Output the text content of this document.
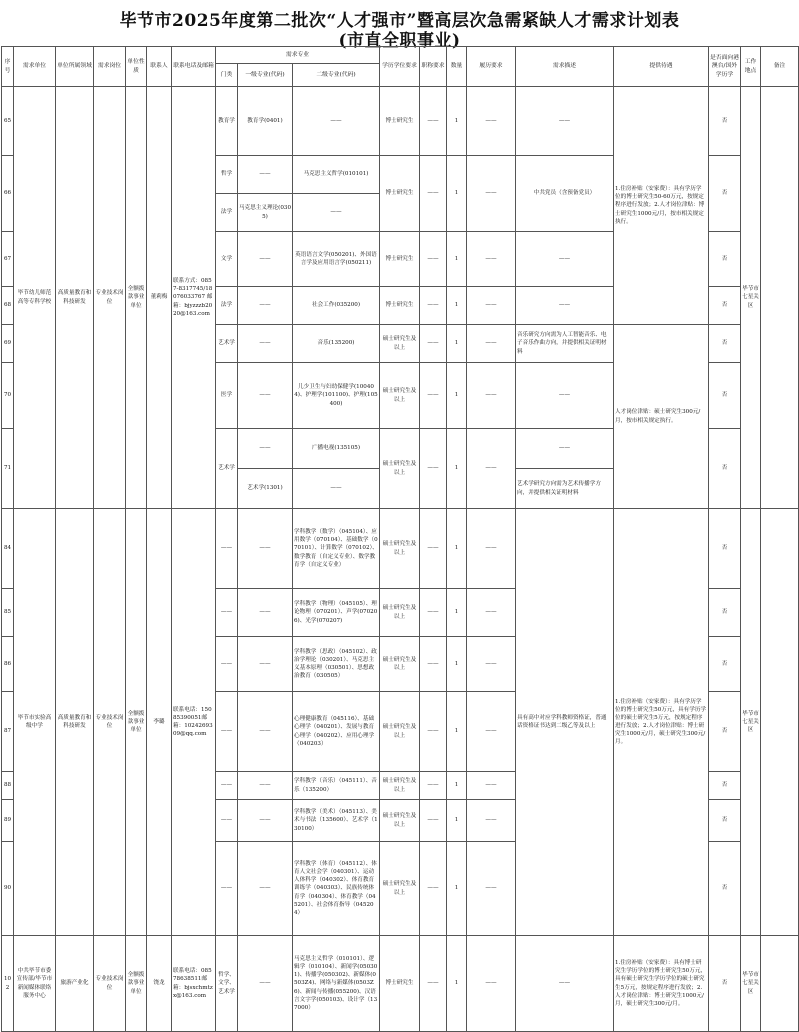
毕节市2025年度第二批次“人才强市”暨高层次急需紧缺人才需求计划表
(市直全职事业)
序号	需求单位	单位所属领域	需求岗位	单位性质	联系人	联系电话及邮箱	需求专业			学历学位要求	职称要求	数量	履历要求	需求描述	提供待遇	是否面向港澳台/国外学历学	工作地点	备注
							门类	一级专业(代码)	二级专业(代码)									
65	毕节幼儿师范高等专科学校	高质量教育和科技研发	专业技术岗位	全额拨款事业单位	董莉梅	联系方式：0857-8317745/18076033767 邮箱：bjyzzzb2020@163.com	教育学	教育学(0401)	——	博士研究生	——	1	——	——	1.住房补贴（安家费）：具有学历学位的博士研究生50-60万元，按规定程序进行发放；2.人才岗位津贴：博士研究生1000元/月，按市相关规定执行。	否	毕节市七星关区	
66							哲学	——	马克思主义哲学(010101)	博士研究生	——	1	——	中共党员（含预备党员）		否		
							法学	马克思主义理论(0305)	——									
67							文学	——	英语语言文学(050201)、外国语言学及应用语言学(050211)	博士研究生	——	1	——	——		否		
68							法学	——	社会工作(035200)	博士研究生	——	1	——	——		否		
69							艺术学	——	音乐(135200)	硕士研究生及以上	——	1	——	音乐研究方向需为人工智能音乐、电子音乐作曲方向，并提供相关证明材料	人才岗位津贴：硕士研究生300元/月，按市相关规定执行。	否		
70							医学	——	儿少卫生与妇幼保健学(100404)、护理学(101100)、护理(105400)	硕士研究生及以上	——	1	——	——		否		
71							艺术学	——	广播电视(135105)	硕士研究生及以上	——	1	——	——		否		
								艺术学(1301)	——					艺术学研究方向需为艺术传播学方向，并提供相关证明材料				
84	毕节市实验高级中学	高质量教育和科技研发	专业技术岗位	全额拨款事业单位	李璐	联系电话：15085390051邮箱：1024269309@qq.com	——	——	学科教学（数学）（045104）、应用数学（070104）、基础数学（070101）、计算数学（070102）、数学教育（自定义专业）、数学教育学（自定义专业）	硕士研究生及以上	——	1	——	具有高中对应学科教师资格证，普通话资格证书达到二级乙等及以上	1.住房补贴（安家费）：具有学历学位的博士研究生50万元，具有学历学位的硕士研究生5万元，按规定程序进行发放；2.人才岗位津贴：博士研究生1000元/月，硕士研究生300元/月。	否	毕节市七星关区	
85							——	——	学科教学（物理）（045105）、理论物理（070201）、声学(070206)、光学(070207)	硕士研究生及以上	——	1	——			否		
86							——	——	学科教学（思政）（045102）、政治学理论（030201）、马克思主义基本原理（030501）、思想政治教育（030505）	硕士研究生及以上	——	1	——			否		
87							——	——	心理健康教育（045116）、基础心理学（040201）、发展与教育心理学（040202）、应用心理学（040203）	硕士研究生及以上	——	1	——			否		
88							——	——	学科教学（音乐）（045111）、音乐（135200）	硕士研究生及以上	——	1	——			否		
89							——	——	学科教学（美术）（045113）、美术与书法（135600）、艺术学（130100）	硕士研究生及以上	——	1	——			否		
90							——	——	学科教学（体育）（045112）、体育人文社会学（040301）、运动人体科学（040302）、体育教育训练学（040303）、民族传统体育学（040304）、体育教学（045201）、社会体育指导（045204）	硕士研究生及以上	——	1	——			否		
102	中共毕节市委宣传部/毕节市新闻媒体联络服务中心	旅游产业化	专业技术岗位	全额拨款事业单位	饶龙	联系电话：08578638511邮箱：bjsxchmtzx@163.com	哲学、文学、艺术学	——	马克思主义哲学（010101）、逻辑学（010104）、新闻学(050301)、传播学(050302)、新媒体(0503Z4)、网络与新媒体(0503Z6)、新闻与传播(055200)、汉语言文字学(050103)、设计学（137000）	博士研究生	——	1	——	——	1.住房补贴（安家费）：具有博士研究生学历学位的博士研究生50万元，具有硕士研究生学历学位的硕士研究生5万元，按规定程序进行发放；2.人才岗位津贴：博士研究生1000元/月，硕士研究生300元/月。	否	毕节市七星关区	
